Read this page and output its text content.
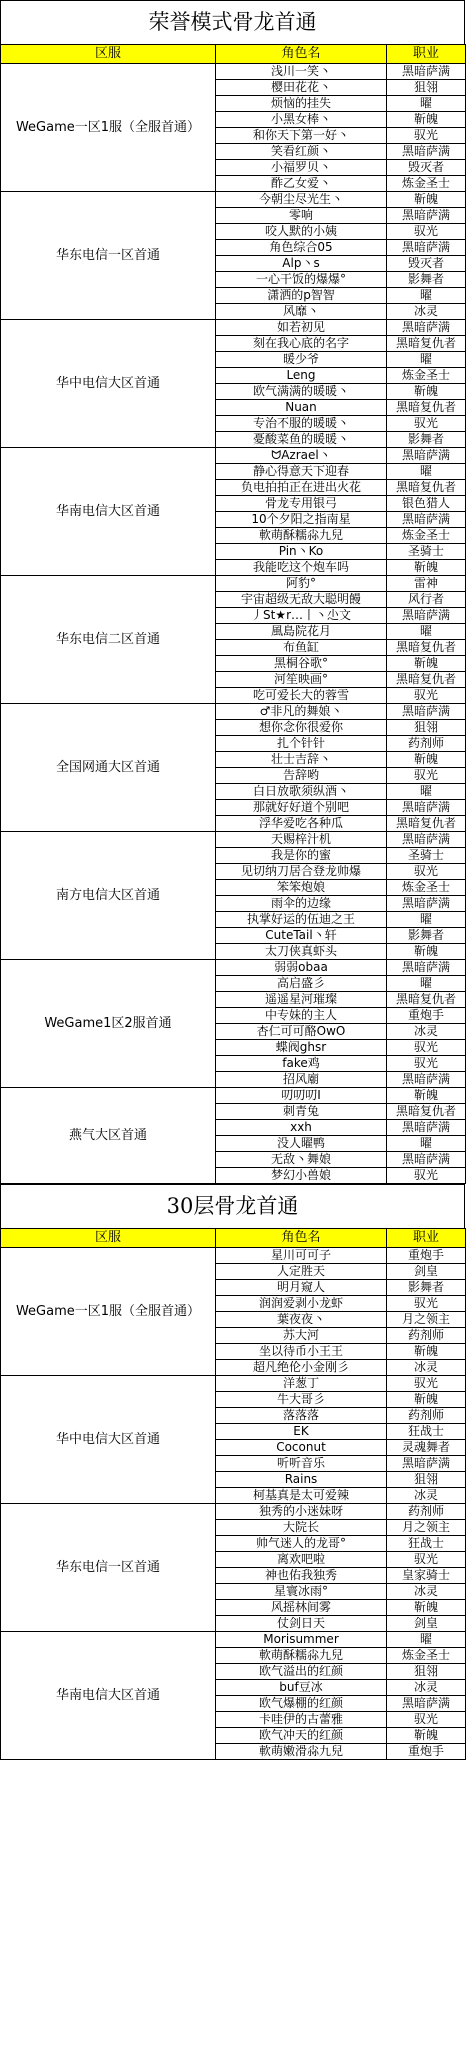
荣誉模式骨龙首通
区服	角色名	职业
WeGame一区1服（全服首通）	浅川一笑丶	黑暗萨满
	樱田花花丶	狙翎
	烦恼的挂失	曜
	小黑女棒丶	靳魄
	和你天下第一好丶	驭光
	笑看红颜丶	黑暗萨满
	小福罗贝丶	毁灭者
	酢乙女爱丶	炼金圣士
华东电信一区首通	今朝尘尽光生丶	靳魄
	零响	黑暗萨满
	咬人默的小姨	驭光
	角色综合05	黑暗萨满
	Alp丶s	毁灭者
	一心干饭的爆爆°	影舞者
	潇洒的p智智	曜
	风靡丶	冰灵
华中电信大区首通	如若初见	黑暗萨满
	刻在我心底的名字	黑暗复仇者
	暖少爷	曜
	Leng	炼金圣士
	欧气满满的暖暖丶	靳魄
	Nuan	黑暗复仇者
	专治不服的暖暖丶	驭光
	憂酸菜鱼的暖暖丶	影舞者
华南电信大区首通	ᗢAzrael丶	黑暗萨满
	静心得意天下迎春	曜
	负电拍拍正在进出火花	黑暗复仇者
	骨龙专用银弓	银色猎人
	10个夕阳之指南星	黑暗萨满
	軟萌酥糯尛九兒	炼金圣士
	Pin丶Ko	圣骑士
	我能吃这个炮车吗	靳魄
华东电信二区首通	阿豹°	雷神
	宇宙超级无敌大聪明饅	风行者
	丿St★r…丨丶尐文	黑暗萨满
	風島院花月	曜
	布鱼缸	黑暗复仇者
	黑桐谷歌°	靳魄
	河笙映画°	黑暗复仇者
	吃可爱长大的蓉雪	驭光
全国网通大区首通	♂非凡的舞娘丶	黑暗萨满
	想你念你很爱你	狙翎
	扎个针针	药剂师
	壮士吉辞丶	靳魄
	告辞哟	驭光
	白日放歌须纵酒丶	曜
	那就好好道个别吧	黑暗萨满
	浮华爱吃各种瓜	黑暗复仇者
南方电信大区首通	天赐梓汁机	黑暗萨满
	我是你的蜜	圣骑士
	见切纳刀居合登龙帅爆	驭光
	笨笨炮娘	炼金圣士
	雨伞的边缘	黑暗萨满
	执掌好运的伍迪之王	曜
	CuteTail丶轩	影舞者
	太刀侠真虾头	靳魄
WeGame1区2服首通	弱弱obaa	黑暗萨满
	高启盛彡	曜
	遥遥星河璀璨	黑暗复仇者
	中专妹的主人	重炮手
	杏仁可可酪OwO	冰灵
	蝶阀ghsr	驭光
	fake鸡	驭光
	招风廟	黑暗萨满
燕气大区首通	叨叨叨I	靳魄
	刺青兔	黑暗复仇者
	xxh	黑暗萨满
	没人曜鸭	曜
	无敌丶舞娘	黑暗萨满
	梦幻小兽娘	驭光
30层骨龙首通
区服	角色名	职业
WeGame一区1服（全服首通）	星川可可子	重炮手
	人定胜天	剑皇
	明月窥人	影舞者
	润润爱剥小龙虾	驭光
	葉夜夜丶	月之领主
	苏大河	药剂师
	坐以待币小王王	靳魄
	超凡绝伦小金刚彡	冰灵
华中电信大区首通	洋葱丁	驭光
	牛大哥彡	靳魄
	落落落	药剂师
	EK	狂战士
	Coconut	灵魂舞者
	听听音乐	黑暗萨满
	Rains	狙翎
	柯基真是太可爱辣	冰灵
华东电信一区首通	独秀的小迷妹呀	药剂师
	大院长	月之领主
	帅气迷人的龙哥°	狂战士
	离欢吧啦	驭光
	神也佑我独秀	皇家骑士
	星寰冰雨°	冰灵
	风摇林间雾	靳魄
	仗剑日天	剑皇
华南电信大区首通	Morisummer	曜
	軟萌酥糯尛九兒	炼金圣士
	欧气溢出的红颜	狙翎
	buf豆冰	冰灵
	欧气爆棚的红颜	黑暗萨满
	卡哇伊的古蕾雅	驭光
	欧气冲天的红颜	靳魄
	軟萌嫩滑尛九兒	重炮手
